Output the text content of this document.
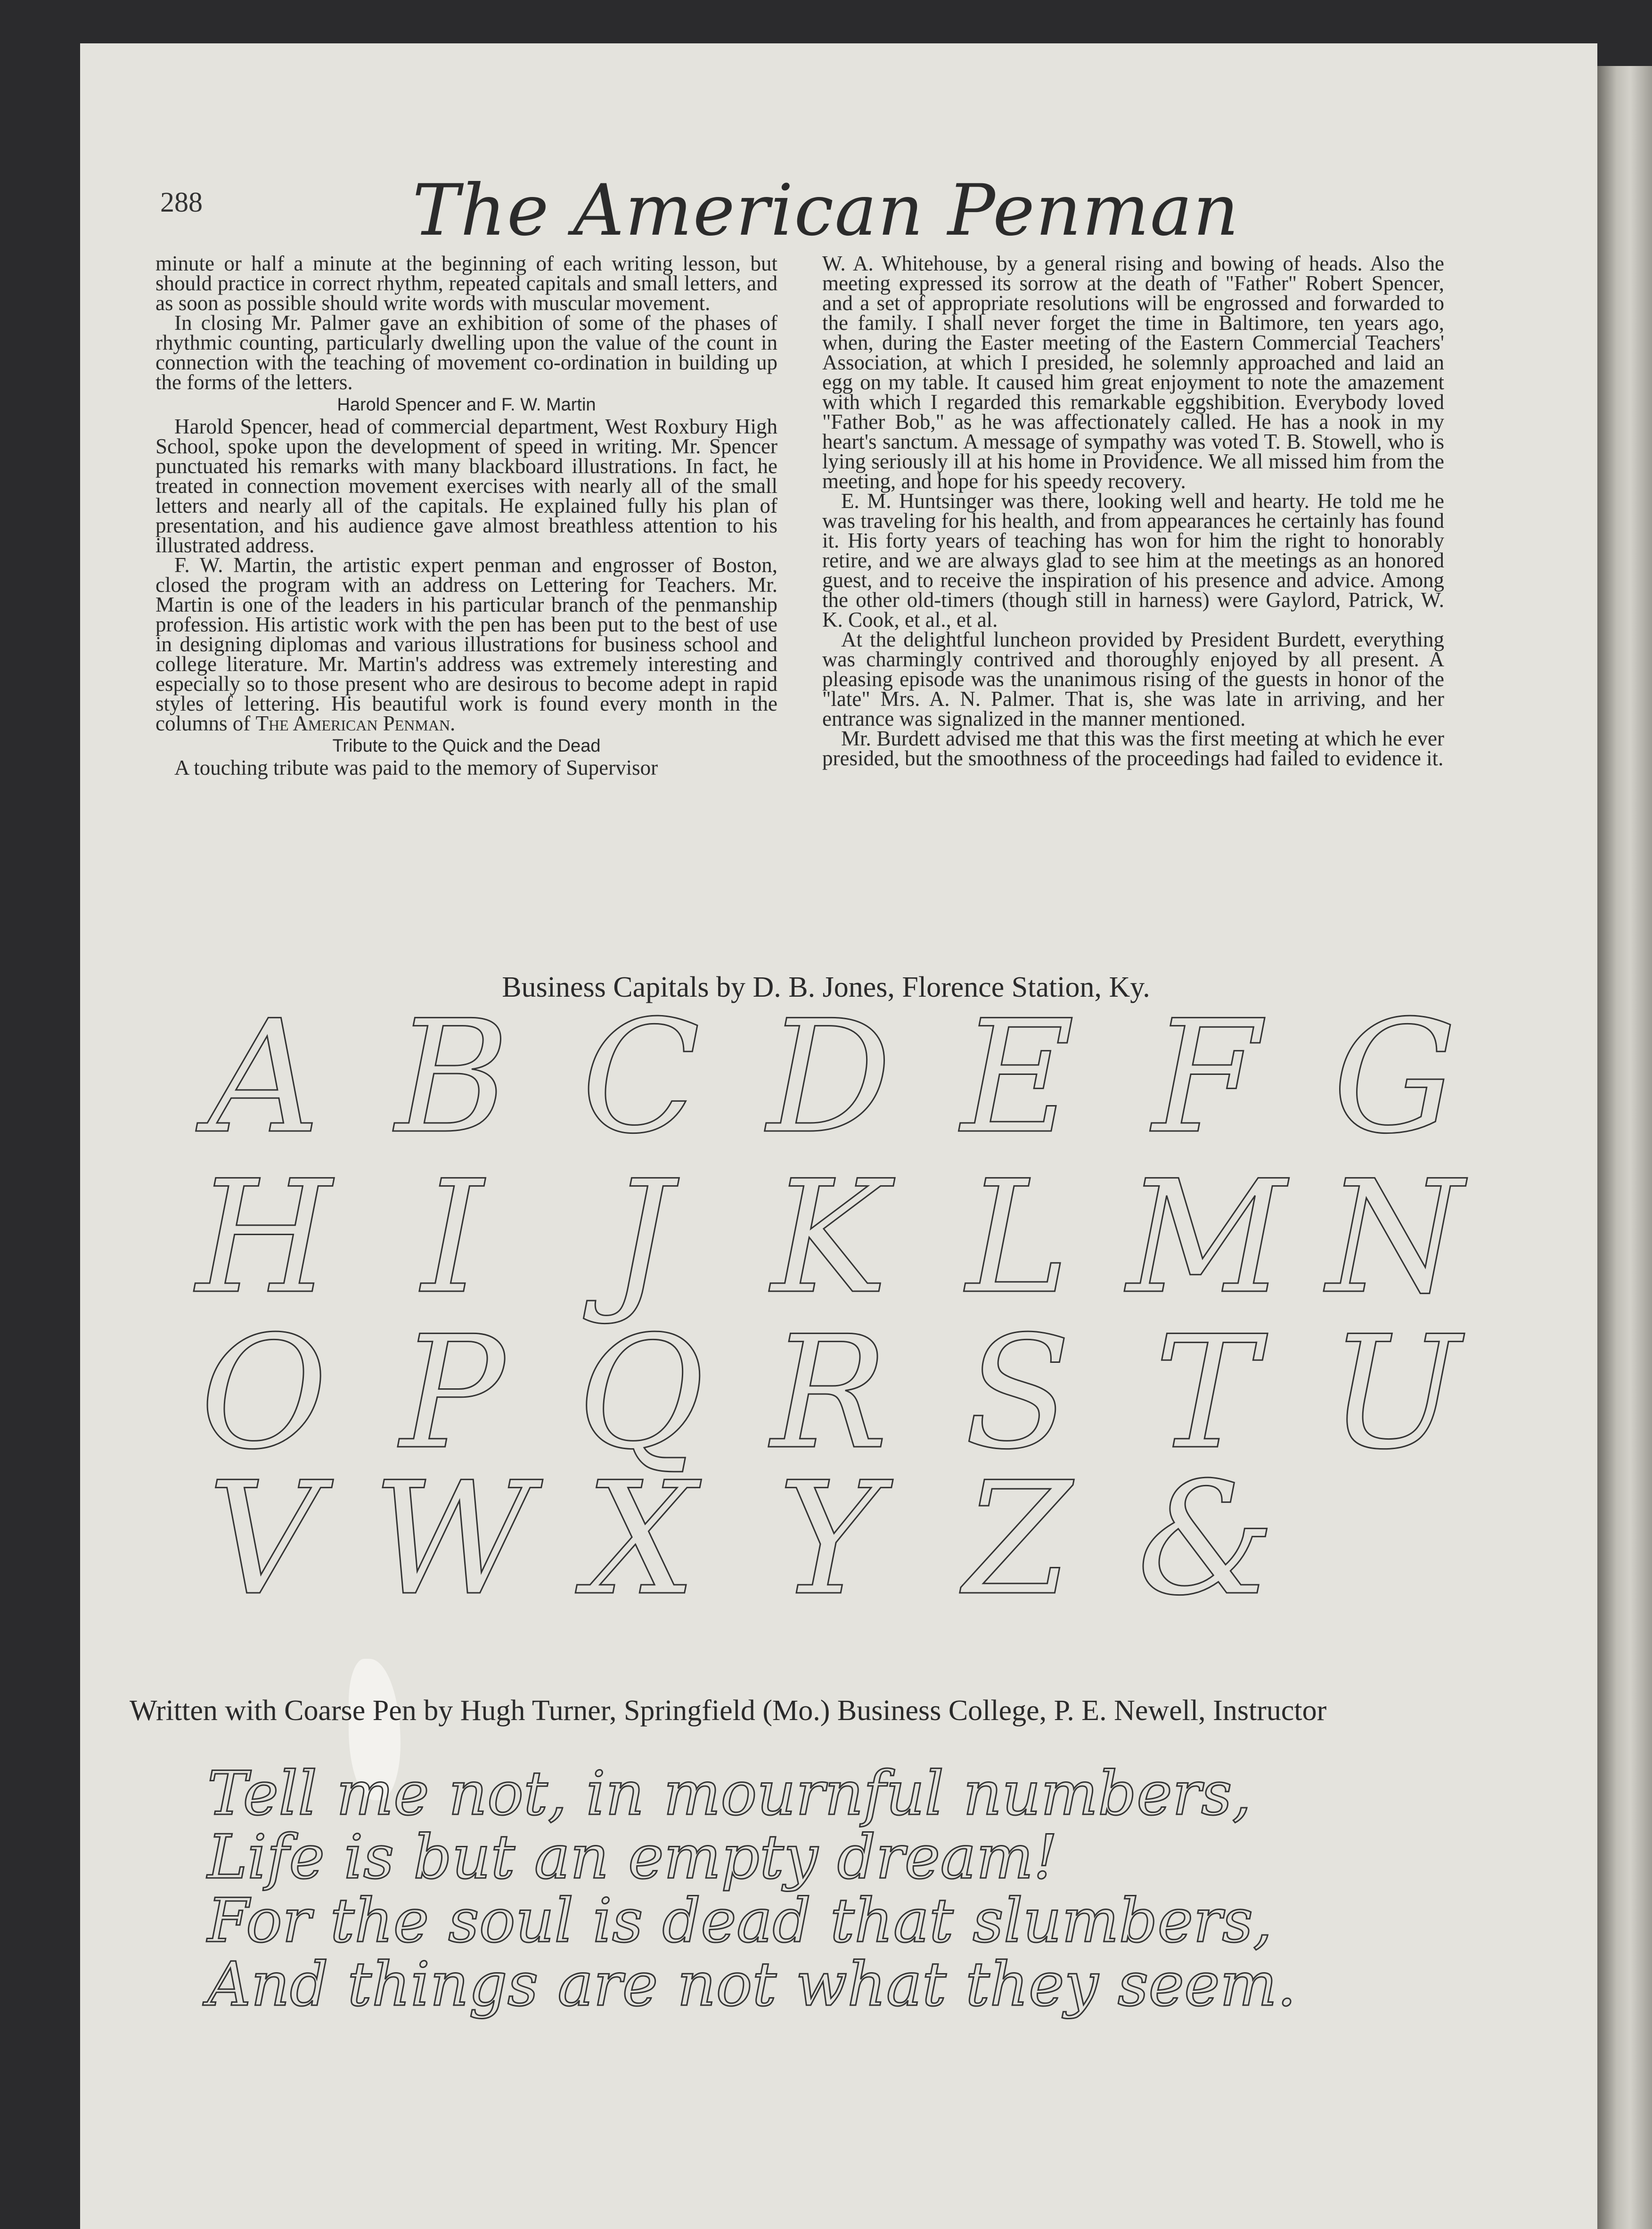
288	The American Penman

minute or half a minute at the beginning of each writing lesson, but should practice in correct rhythm, repeated capitals and small letters, and as soon as possible should write words with muscular movement.

In closing Mr. Palmer gave an exhibition of some of the phases of rhythmic counting, particularly dwelling upon the value of the count in connection with the teaching of movement co-ordination in building up the forms of the letters.

Harold Spencer and F. W. Martin

Harold Spencer, head of commercial department, West Roxbury High School, spoke upon the development of speed in writing. Mr. Spencer punctuated his remarks with many blackboard illustrations. In fact, he treated in connection movement exercises with nearly all of the small letters and nearly all of the capitals. He explained fully his plan of presentation, and his audience gave almost breathless attention to his illustrated address.

F. W. Martin, the artistic expert penman and engrosser of Boston, closed the program with an address on Lettering for Teachers. Mr. Martin is one of the leaders in his particular branch of the penmanship profession. His artistic work with the pen has been put to the best of use in designing diplomas and various illustrations for business school and college literature. Mr. Martin's address was extremely interesting and especially so to those present who are desirous to become adept in rapid styles of lettering. His beautiful work is found every month in the columns of The American Penman.

Tribute to the Quick and the Dead

A touching tribute was paid to the memory of Supervisor

W. A. Whitehouse, by a general rising and bowing of heads. Also the meeting expressed its sorrow at the death of "Father" Robert Spencer, and a set of appropriate resolutions will be engrossed and forwarded to the family. I shall never forget the time in Baltimore, ten years ago, when, during the Easter meeting of the Eastern Commercial Teachers' Association, at which I presided, he solemnly approached and laid an egg on my table. It caused him great enjoyment to note the amazement with which I regarded this remarkable eggshibition. Everybody loved "Father Bob," as he was affectionately called. He has a nook in my heart's sanctum. A message of sympathy was voted T. B. Stowell, who is lying seriously ill at his home in Providence. We all missed him from the meeting, and hope for his speedy recovery.

E. M. Huntsinger was there, looking well and hearty. He told me he was traveling for his health, and from appearances he certainly has found it. His forty years of teaching has won for him the right to honorably retire, and we are always glad to see him at the meetings as an honored guest, and to receive the inspiration of his presence and advice. Among the other old-timers (though still in harness) were Gaylord, Patrick, W. K. Cook, et al., et al.

At the delightful luncheon provided by President Burdett, everything was charmingly contrived and thoroughly enjoyed by all present. A pleasing episode was the unanimous rising of the guests in honor of the "late" Mrs. A. N. Palmer. That is, she was late in arriving, and her entrance was signalized in the manner mentioned.

Mr. Burdett advised me that this was the first meeting at which he ever presided, but the smoothness of the proceedings had failed to evidence it.

Business Capitals by D. B. Jones, Florence Station, Ky.
A B C D E F G
H I J K L M N
O P Q R S T U
V W X Y Z &
Written with Coarse Pen by Hugh Turner, Springfield (Mo.) Business College, P. E. Newell, Instructor
Tell me not, in mournful numbers,
Life is but an empty dream!
For the soul is dead that slumbers,
And things are not what they seem.
